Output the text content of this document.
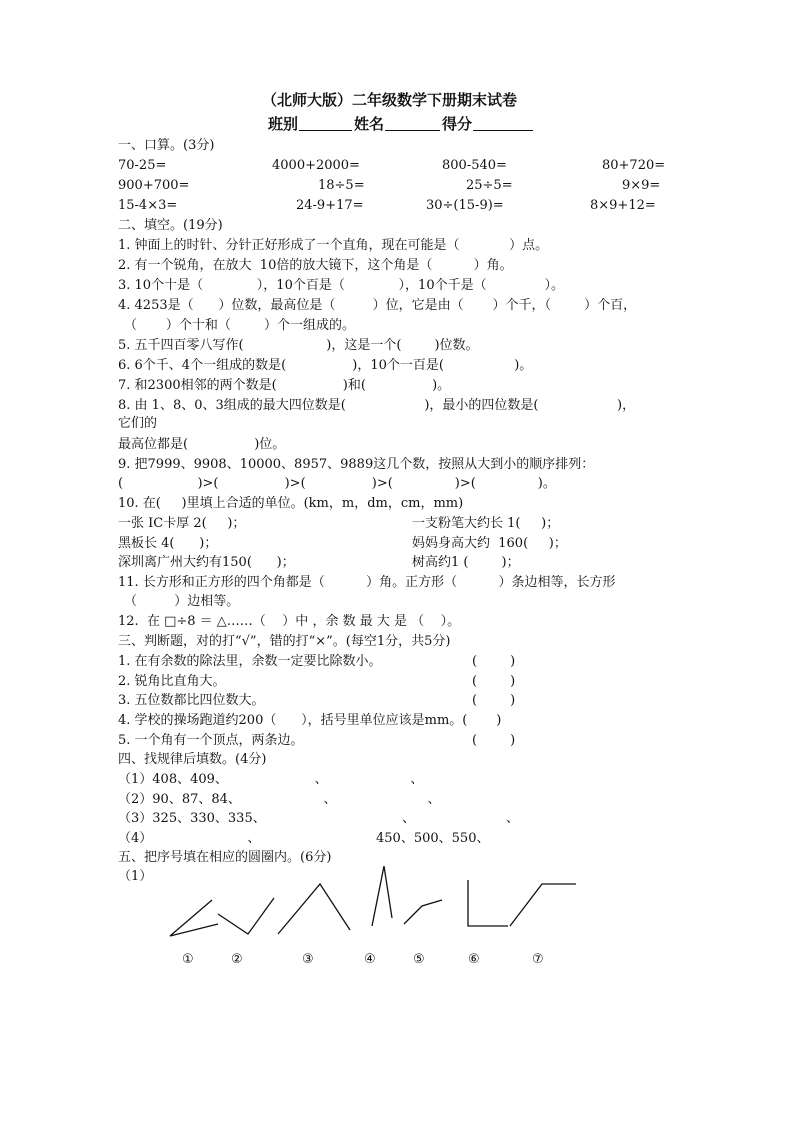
（北师大版）二年级数学下册期末试卷
班别	姓名	得分
一、口算。(3分)
70-25=	4000+2000=	800-540=	80+720=
900+700=	18÷5=	25÷5=	9×9=
15-4×3=	24-9+17=	30÷(15-9)=	8×9+12=
二、填空。(19分)
1. 钟面上的时针、分针正好形成了一个直角，现在可能是（            ）点。
2. 有一个锐角，在放大  10倍的放大镜下，这个角是（          ）角。
3. 10个十是（             ），10个百是（             ），10个千是（              ）。
4. 4253是（      ）位数，最高位是（         ）位，它是由（       ）个千，（        ）个百，
（       ）个十和（        ）个一组成的。
5. 五千四百零八写作(                    )，这是一个(        )位数。
6. 6个千、4个一组成的数是(                )，10个一百是(                 )。
7. 和2300相邻的两个数是(                )和(                )。
8. 由 1、8、0、3组成的最大四位数是(                   )，最小的四位数是(                   )，
它们的
最高位都是(                )位。
9. 把7999、9908、10000、8957、9889这几个数，按照从大到小的顺序排列：
(                  )>(                )>(                )>(               )>(               )。
10. 在(     )里填上合适的单位。(km，m，dm，cm，mm)
一张 IC卡厚 2(     )；	一支粉笔大约长 1(     )；
黑板长 4(      )；	妈妈身高大约  160(     )；
深圳离广州大约有150(      )；	树高约1 (        )；
11. 长方形和正方形的四个角都是（          ）角。正方形（          ）条边相等，长方形
（         ）边相等。
12.  在 □÷8 ＝ △……（    ）中 ，余 数 最 大 是 （    ）。
三、判断题，对的打“√”，错的打“×”。(每空1分，共5分)
1. 在有余数的除法里，余数一定要比除数小。	(        )
2. 锐角比直角大。	(        )
3. 五位数都比四位数大。	(        )
4. 学校的操场跑道约200（      ），括号里单位应该是mm。(       )
5. 一个角有一个顶点，两条边。	(        )
四、找规律后填数。(4分)
（1）408、409、                     、                    、
（2）90、87、84、                    、                      、
（3）325、330、335、                                 、                      、
（4）                       、                            450、500、550、
五、把序号填在相应的圆圈内。(6分)
（1）
①	②	③	④	⑤	⑥	⑦
